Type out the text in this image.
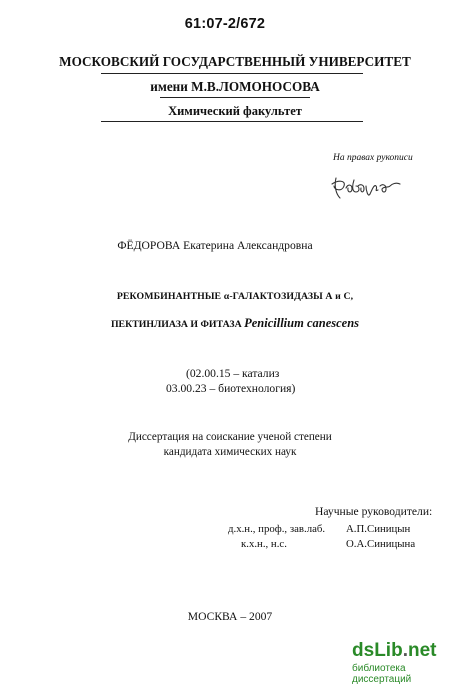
61:07-2/672
МОСКОВСКИЙ ГОСУДАРСТВЕННЫЙ УНИВЕРСИТЕТ
имени М.В.ЛОМОНОСОВА
Химический факультет
На правах рукописи
ФЁДОРОВА Екатерина Александровна
РЕКОМБИНАНТНЫЕ α-ГАЛАКТОЗИДАЗЫ А и С,
ПЕКТИНЛИАЗА И ФИТАЗА Penicillium canescens
(02.00.15 – катализ
03.00.23 – биотехнология)
Диссертация на соискание ученой степени
кандидата химических наук
Научные руководители:
д.х.н., проф., зав.лаб. А.П.Синицын
к.х.н., н.с.	О.А.Синицына
МОСКВА – 2007
dsLib.net
библиотека диссертаций
